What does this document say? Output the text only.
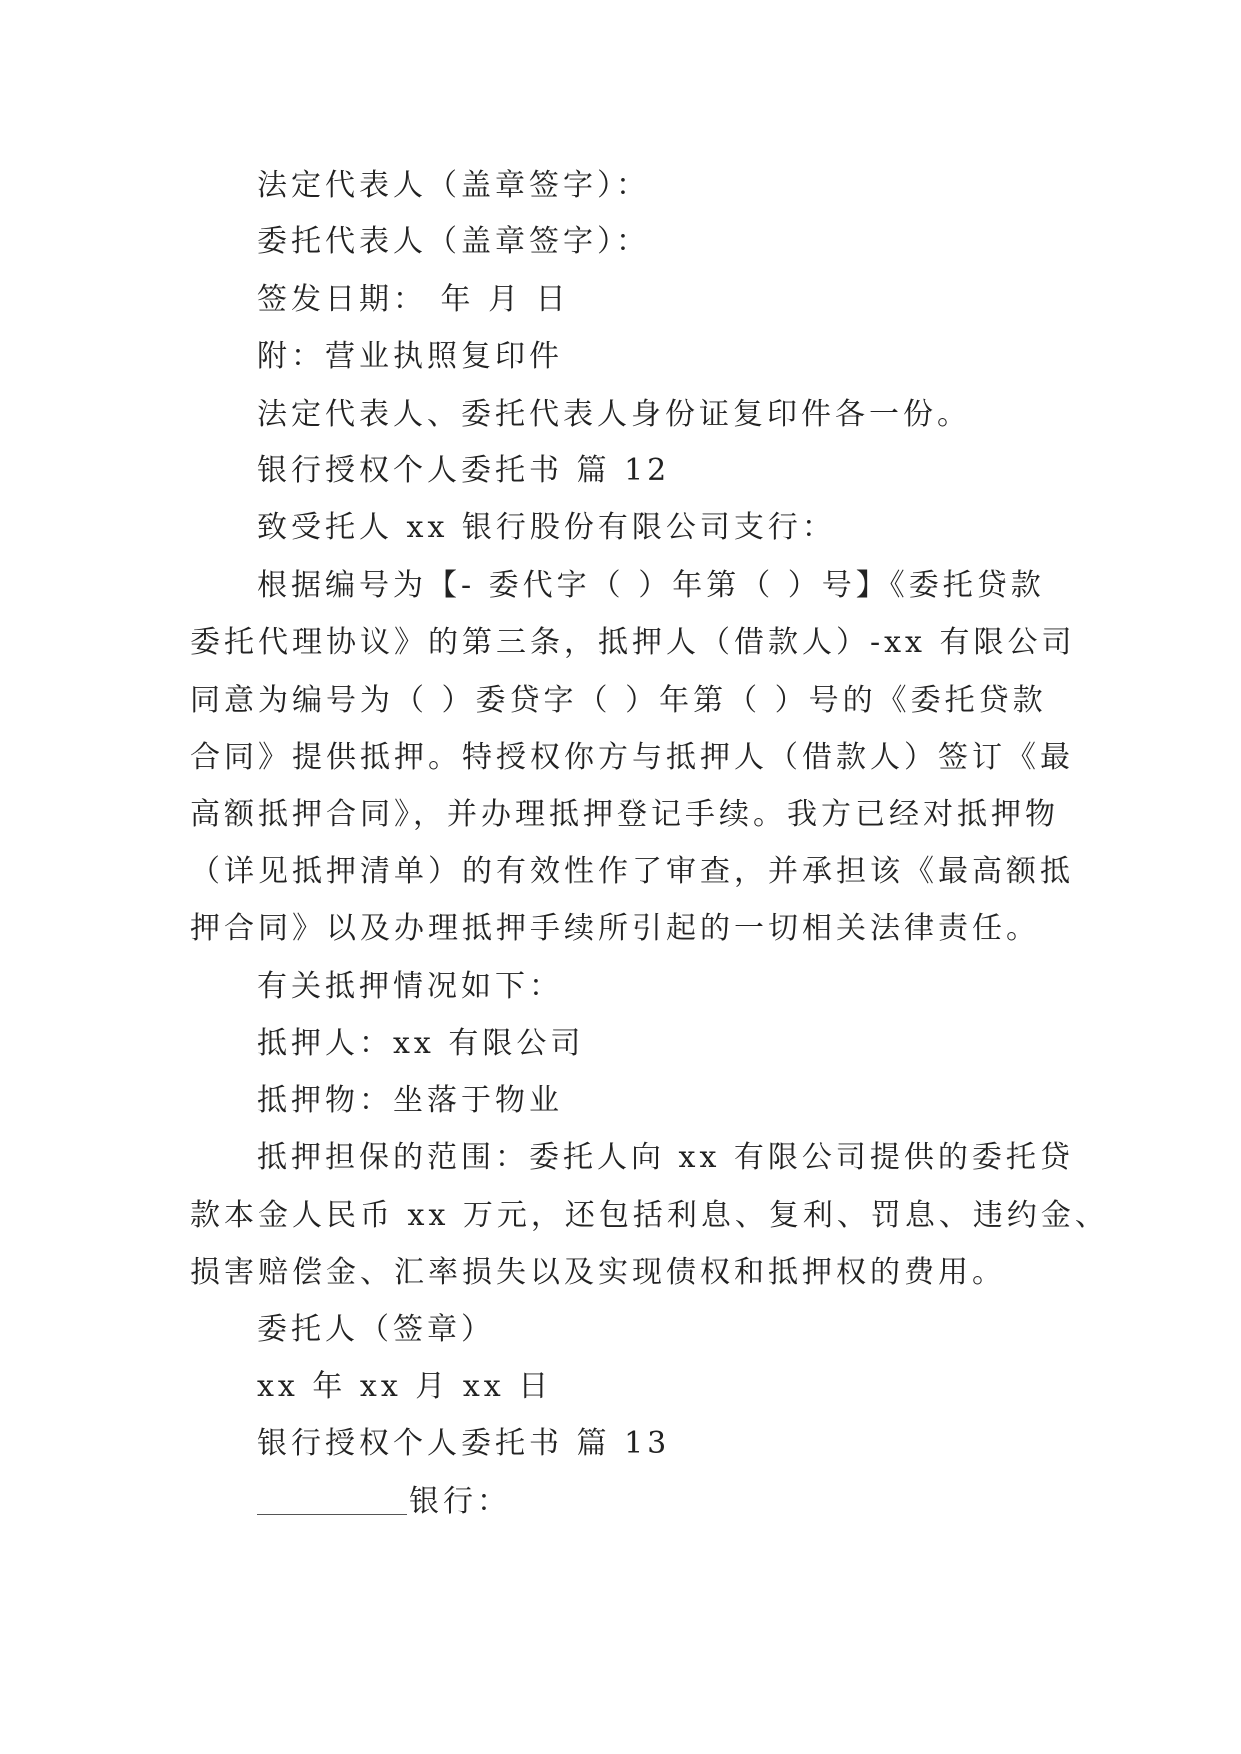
法定代表人（盖章签字）：
委托代表人（盖章签字）：
签发日期： 年 月 日
附：营业执照复印件
法定代表人、委托代表人身份证复印件各一份。
银行授权个人委托书 篇 12
致受托人 xx 银行股份有限公司支行：
根据编号为【- 委代字（ ）年第（ ）号】《委托贷款
委托代理协议》的第三条，抵押人（借款人）-xx 有限公司
同意为编号为（ ）委贷字（ ）年第（ ）号的《委托贷款
合同》提供抵押。特授权你方与抵押人（借款人）签订《最
高额抵押合同》，并办理抵押登记手续。我方已经对抵押物
（详见抵押清单）的有效性作了审查，并承担该《最高额抵
押合同》以及办理抵押手续所引起的一切相关法律责任。
有关抵押情况如下：
抵押人：xx 有限公司
抵押物：坐落于物业
抵押担保的范围：委托人向 xx 有限公司提供的委托贷
款本金人民币 xx 万元，还包括利息、复利、罚息、违约金、
损害赔偿金、汇率损失以及实现债权和抵押权的费用。
委托人（签章）
xx 年 xx 月 xx 日
银行授权个人委托书 篇 13
银行：
